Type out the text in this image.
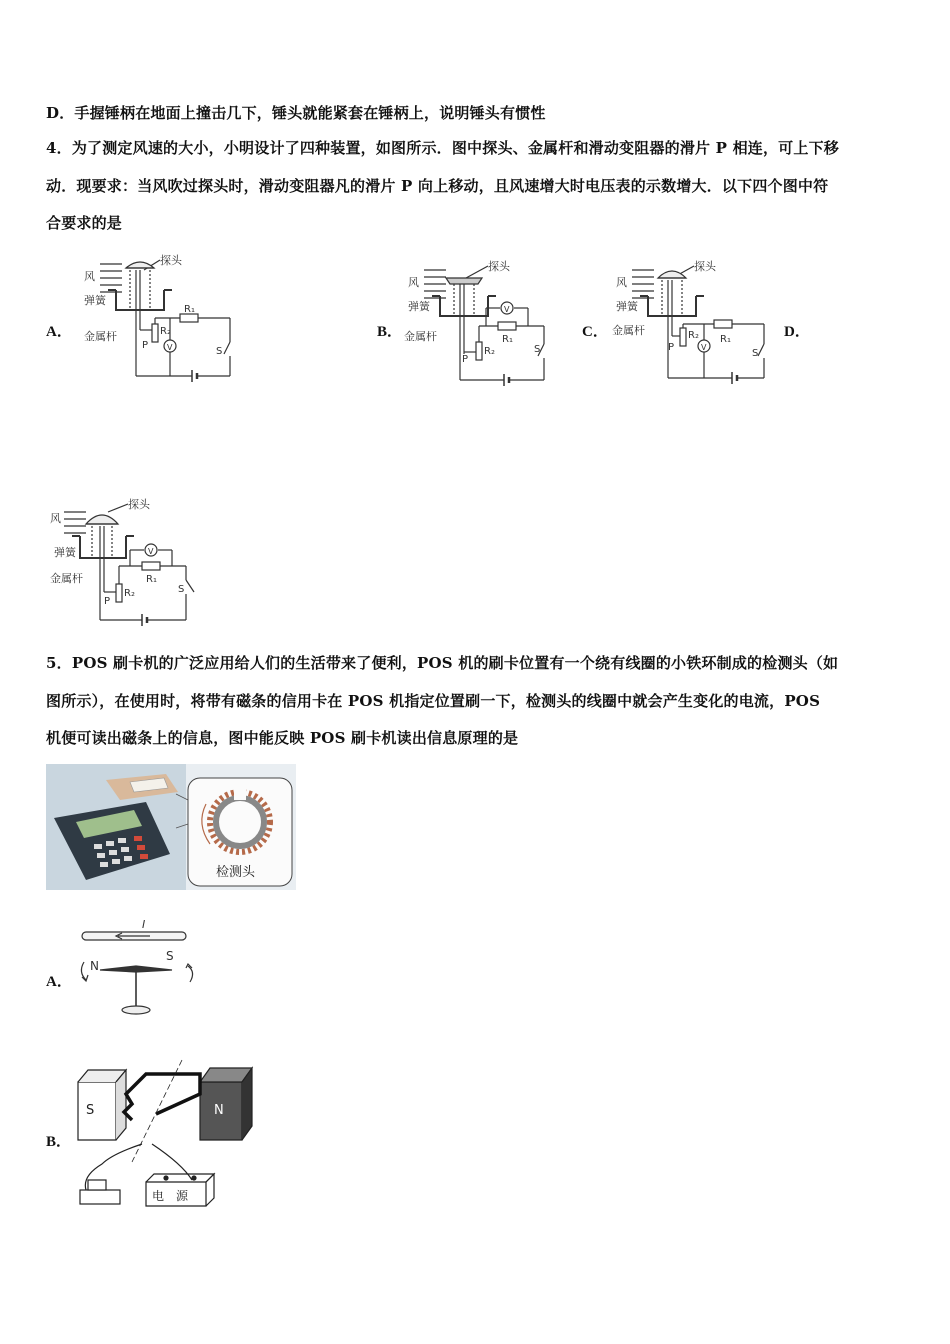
D．手握锤柄在地面上撞击几下，锤头就能紧套在锤柄上，说明锤头有惯性
4．为了测定风速的大小，小明设计了四种装置，如图所示．图中探头、金属杆和滑动变阻器的滑片 P 相连，可上下移
动．现要求：当风吹过探头时，滑动变阻器凡的滑片 P 向上移动，且风速增大时电压表的示数增大．以下四个图中符
合要求的是
A．	B．	C．	D．
风
探头
弹簧
金属杆	R₂
P
R₁
V	S
风
探头
弹簧
金属杆
R₂
P
R₁
V
S
风
探头
弹簧
金属杆	R₂
P
R₁
V
S
风
探头
弹簧
金属杆
R₂
P
R₁
V
S
5．POS 刷卡机的广泛应用给人们的生活带来了便利，POS 机的刷卡位置有一个绕有线圈的小铁环制成的检测头（如
图所示），在使用时，将带有磁条的信用卡在 POS 机指定位置刷一下，检测头的线圈中就会产生变化的电流，POS
机便可读出磁条上的信息，图中能反映 POS 刷卡机读出信息原理的是
检测头
A．
I
N
S
B．
S	N
电　源
